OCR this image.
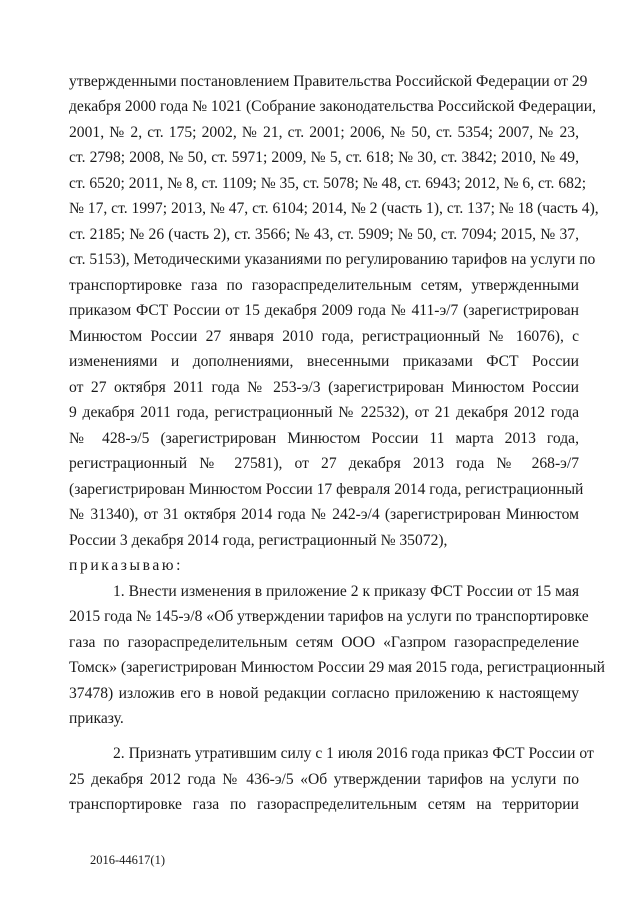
утвержденными постановлением Правительства Российской Федерации от 29
декабря 2000 года № 1021 (Собрание законодательства Российской Федерации,
2001, № 2, ст. 175; 2002, № 21, ст. 2001; 2006, № 50, ст. 5354; 2007, № 23,
ст. 2798; 2008, № 50, ст. 5971; 2009, № 5, ст. 618; № 30, ст. 3842; 2010, № 49,
ст. 6520; 2011, № 8, ст. 1109; № 35, ст. 5078; № 48, ст. 6943; 2012, № 6, ст. 682;
№ 17, ст. 1997; 2013, № 47, ст. 6104; 2014, № 2 (часть 1), ст. 137; № 18 (часть 4),
ст. 2185; № 26 (часть 2), ст. 3566; № 43, ст. 5909; № 50, ст. 7094; 2015, № 37,
ст. 5153), Методическими указаниями по регулированию тарифов на услуги по
транспортировке газа по газораспределительным сетям, утвержденными
приказом ФСТ России от 15 декабря 2009 года № 411-э/7 (зарегистрирован
Минюстом России 27 января 2010 года, регистрационный № 16076), с
изменениями и дополнениями, внесенными приказами ФСТ России
от 27 октября 2011 года № 253-э/3 (зарегистрирован Минюстом России
9 декабря 2011 года, регистрационный № 22532), от 21 декабря 2012 года
№ 428-э/5 (зарегистрирован Минюстом России 11 марта 2013 года,
регистрационный № 27581), от 27 декабря 2013 года № 268-э/7
(зарегистрирован Минюстом России 17 февраля 2014 года, регистрационный
№ 31340), от 31 октября 2014 года № 242-э/4 (зарегистрирован Минюстом
России 3 декабря 2014 года, регистрационный № 35072),
приказываю:
1. Внести изменения в приложение 2 к приказу ФСТ России от 15 мая
2015 года № 145-э/8 «Об утверждении тарифов на услуги по транспортировке
газа по газораспределительным сетям ООО «Газпром газораспределение
Томск» (зарегистрирован Минюстом России 29 мая 2015 года, регистрационный
37478) изложив его в новой редакции согласно приложению к настоящему
приказу.
2. Признать утратившим силу с 1 июля 2016 года приказ ФСТ России от
25 декабря 2012 года № 436-э/5 «Об утверждении тарифов на услуги по
транспортировке газа по газораспределительным сетям на территории
2016-44617(1)
